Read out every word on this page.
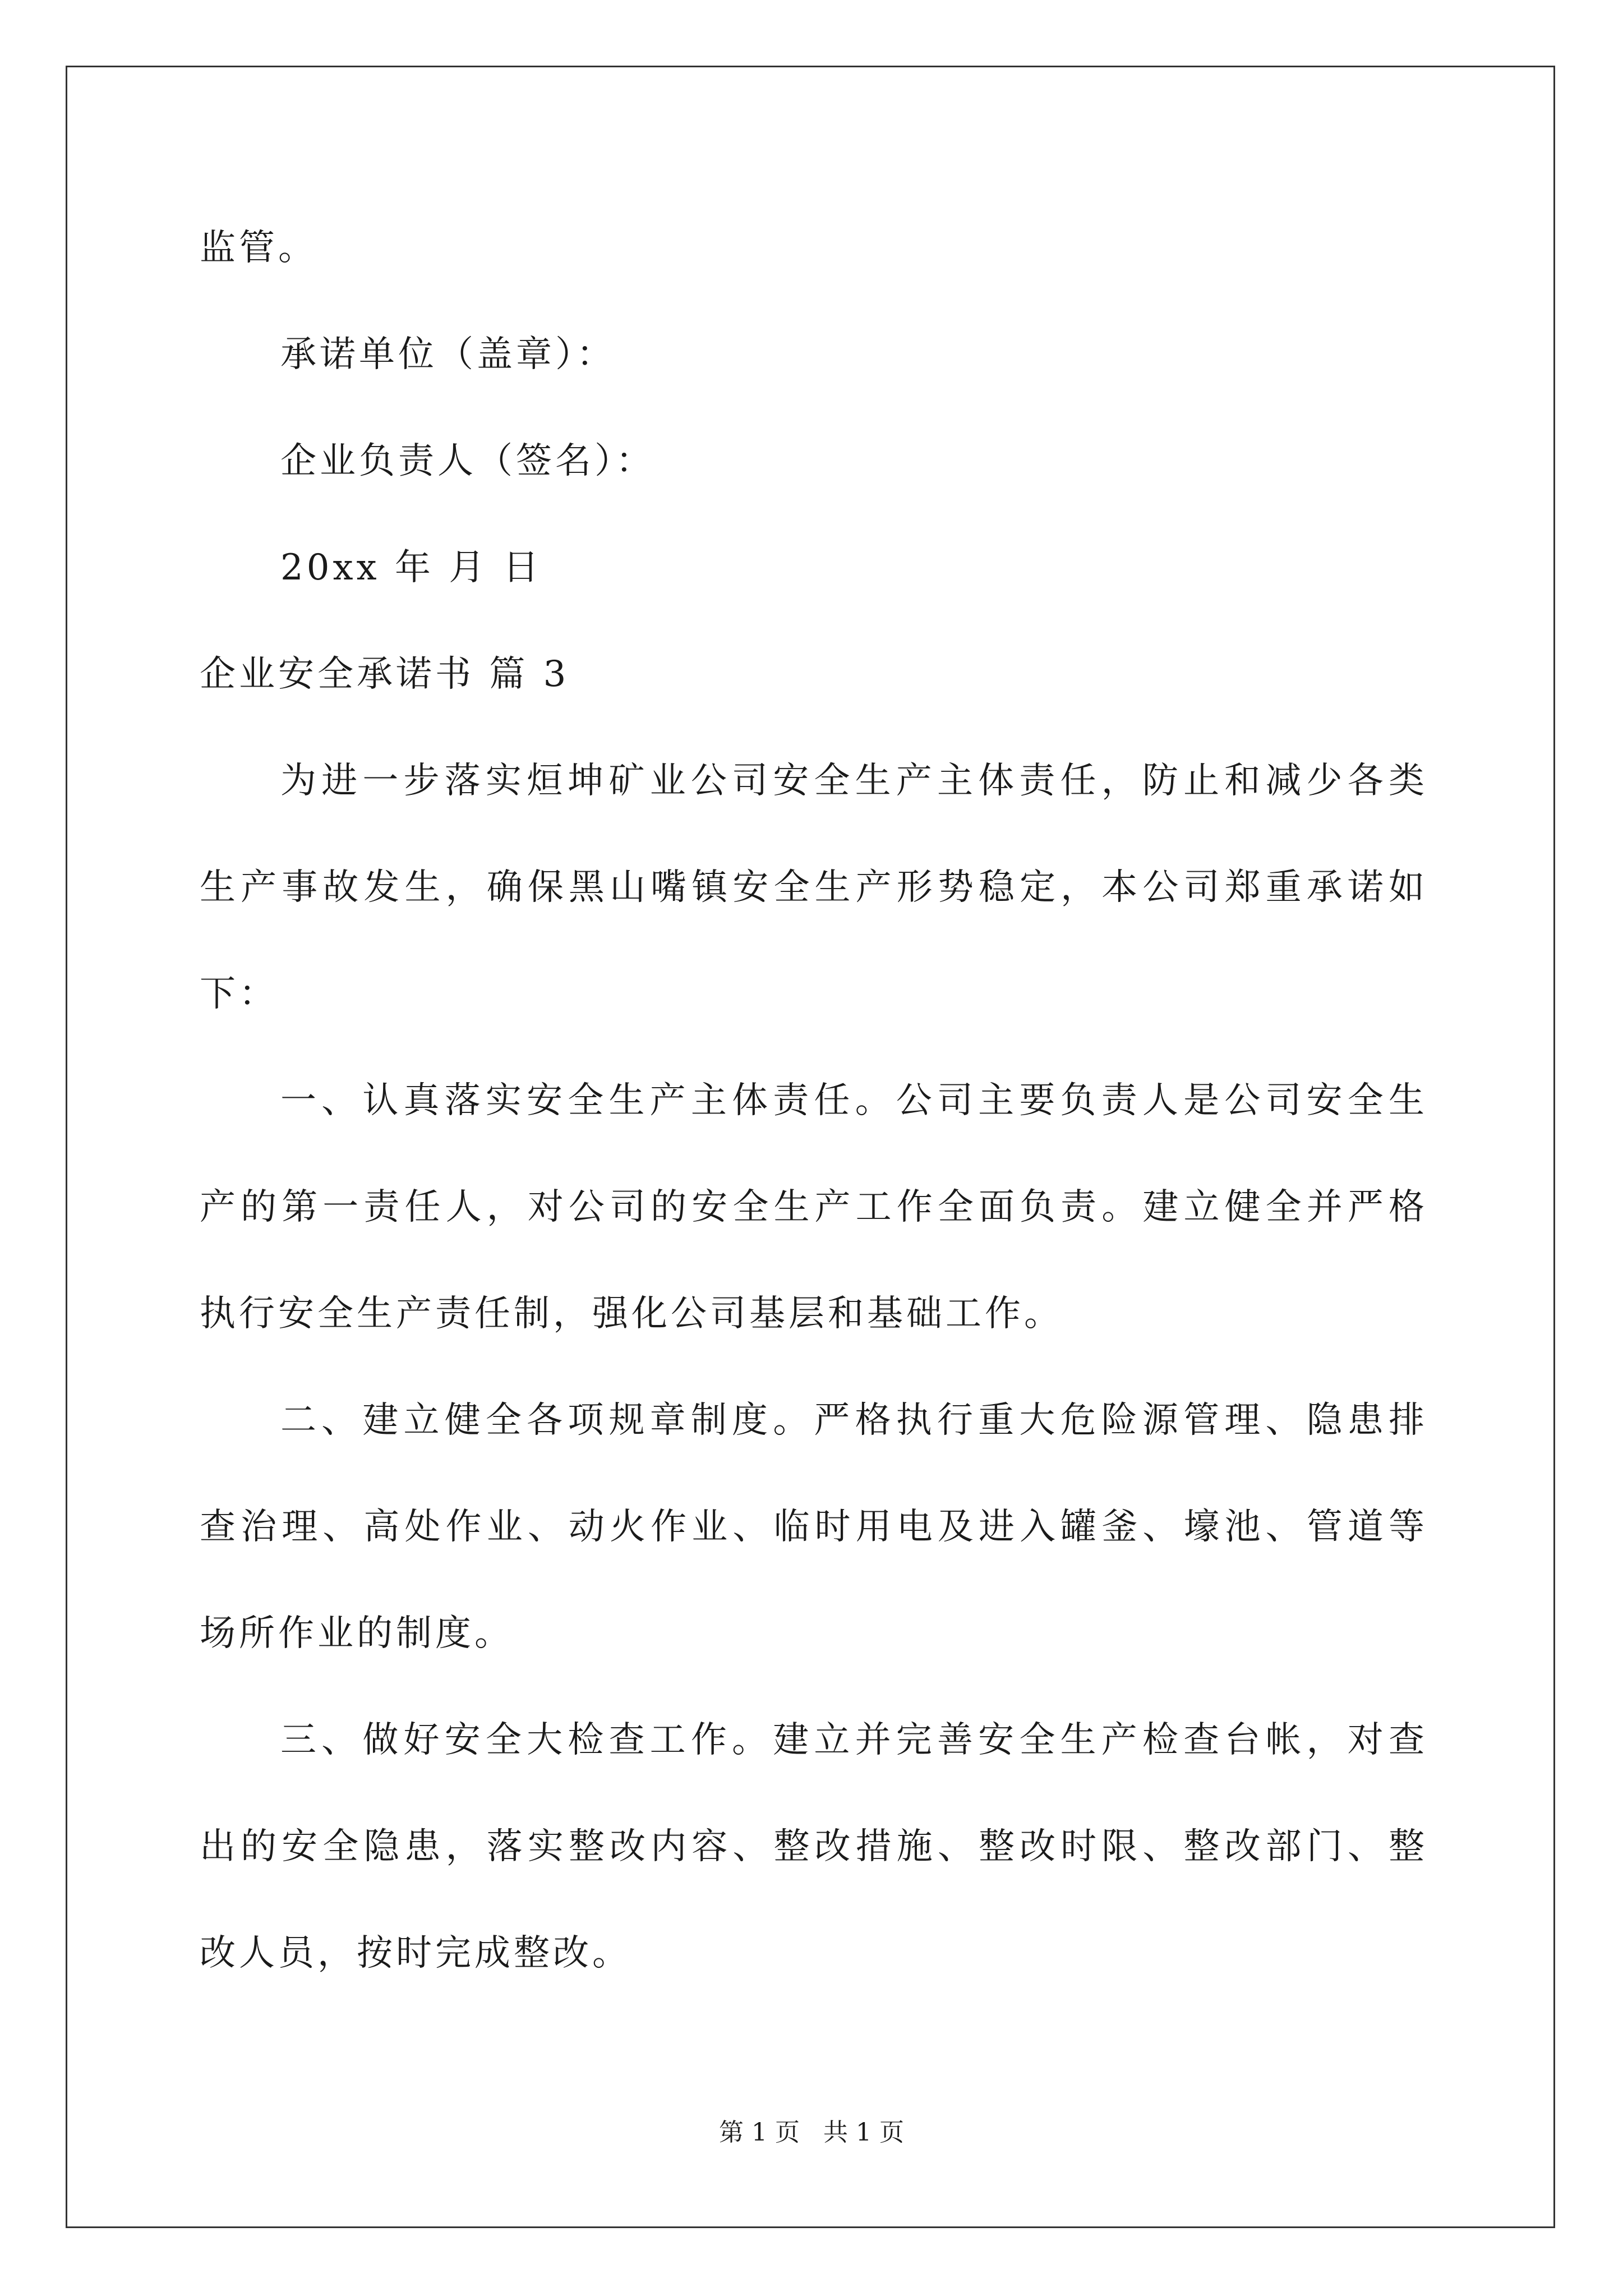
监管。
承诺单位（盖章）：
企业负责人（签名）：
20xx 年 月 日
企业安全承诺书 篇 3
为进一步落实烜坤矿业公司安全生产主体责任，防止和减少各类
生产事故发生，确保黑山嘴镇安全生产形势稳定，本公司郑重承诺如
下：
一、认真落实安全生产主体责任。公司主要负责人是公司安全生
产的第一责任人，对公司的安全生产工作全面负责。建立健全并严格
执行安全生产责任制，强化公司基层和基础工作。
二、建立健全各项规章制度。严格执行重大危险源管理、隐患排
查治理、高处作业、动火作业、临时用电及进入罐釜、壕池、管道等
场所作业的制度。
三、做好安全大检查工作。建立并完善安全生产检查台帐，对查
出的安全隐患，落实整改内容、整改措施、整改时限、整改部门、整
改人员，按时完成整改。
第 1 页   共 1 页
